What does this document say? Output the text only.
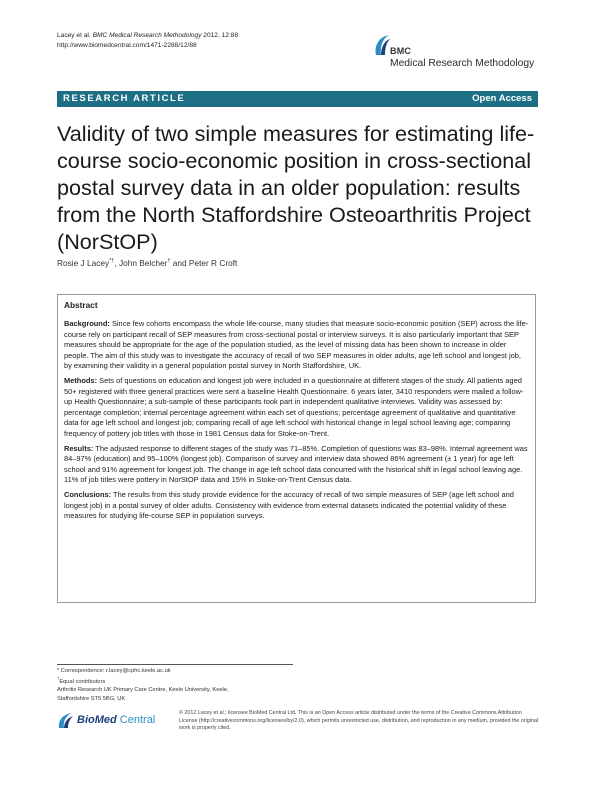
Lacey et al. BMC Medical Research Methodology 2012, 12:88
http://www.biomedcentral.com/1471-2288/12/88
BMC
Medical Research Methodology
RESEARCH ARTICLE	Open Access
Validity of two simple measures for estimating life-course socio-economic position in cross-sectional postal survey data in an older population: results from the North Staffordshire Osteoarthritis Project (NorStOP)
Rosie J Lacey*†, John Belcher† and Peter R Croft
Abstract

Background: Since few cohorts encompass the whole life-course, many studies that measure socio-economic position (SEP) across the life-course rely on participant recall of SEP measures from cross-sectional postal or interview surveys. It is also particularly important that SEP measures should be appropriate for the age of the population studied, as the level of missing data has been shown to increase in older people. The aim of this study was to investigate the accuracy of recall of two SEP measures in older adults, age left school and longest job, by examining their validity in a general population postal survey in North Staffordshire, UK.

Methods: Sets of questions on education and longest job were included in a questionnaire at different stages of the study. All patients aged 50+ registered with three general practices were sent a baseline Health Questionnaire. 6 years later, 3410 responders were mailed a follow-up Health Questionnaire; a sub-sample of these participants took part in independent qualitative interviews. Validity was assessed by: percentage completion; internal percentage agreement within each set of questions; percentage agreement of qualitative and quantitative data for age left school and longest job; comparing recall of age left school with historical change in legal school leaving age; comparing frequency of pottery job titles with those in 1981 Census data for Stoke-on-Trent.

Results: The adjusted response to different stages of the study was 71–85%. Completion of questions was 83–98%. Internal agreement was 84–97% (education) and 95–100% (longest job). Comparison of survey and interview data showed 86% agreement (± 1 year) for age left school and 91% agreement for longest job. The change in age left school data concurred with the historical shift in legal school leaving age. 11% of job titles were pottery in NorStOP data and 15% in Stoke-on-Trent Census data.

Conclusions: The results from this study provide evidence for the accuracy of recall of two simple measures of SEP (age left school and longest job) in a postal survey of older adults. Consistency with evidence from external datasets indicated the potential validity of these measures for studying life-course SEP in population surveys.

* Correspondence: r.lacey@cphc.keele.ac.uk
†Equal contributors
Arthritis Research UK Primary Care Centre, Keele University, Keele,
Staffordshire ST5 5BG, UK
BioMed Central
© 2012 Lacey et al.; licensee BioMed Central Ltd. This is an Open Access article distributed under the terms of the Creative Commons Attribution License (http://creativecommons.org/licenses/by/2.0), which permits unrestricted use, distribution, and reproduction in any medium, provided the original work is properly cited.
